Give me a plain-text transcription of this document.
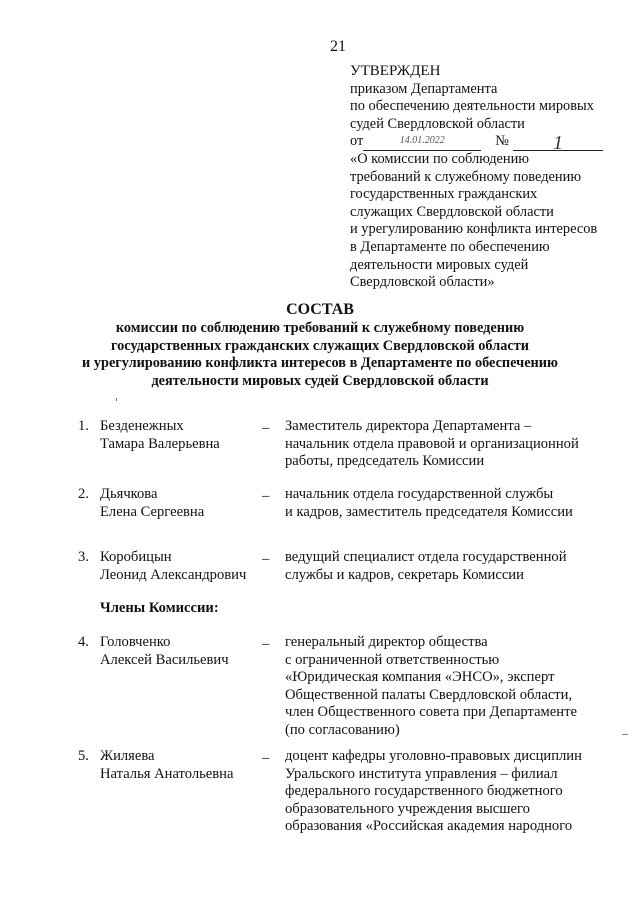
21
УТВЕРЖДЕН
приказом Департамента
по обеспечению деятельности мировых
судей Свердловской области
от	14.01.2022	№	1
«О комиссии по соблюдению
требований к служебному поведению
государственных гражданских
служащих Свердловской области
и урегулированию конфликта интересов
в Департаменте по обеспечению
деятельности мировых судей
Свердловской области»
СОСТАВ
комиссии по соблюдению требований к служебному поведению
государственных гражданских служащих Свердловской области
и урегулированию конфликта интересов в Департаменте по обеспечению
деятельности мировых судей Свердловской области
1. Безденежных
Тамара Валерьевна
– Заместитель директора Департамента –
начальник отдела правовой и организационной
работы, председатель Комиссии
2. Дьячкова
Елена Сергеевна
– начальник отдела государственной службы
и кадров, заместитель председателя Комиссии
3. Коробицын
Леонид Александрович
– ведущий специалист отдела государственной
службы и кадров, секретарь Комиссии
Члены Комиссии:
4. Головченко
Алексей Васильевич
– генеральный директор общества
с ограниченной ответственностью
«Юридическая компания «ЭНСО», эксперт
Общественной палаты Свердловской области,
член Общественного совета при Департаменте
(по согласованию)
5. Жиляева
Наталья Анатольевна
– доцент кафедры уголовно-правовых дисциплин
Уральского института управления – филиал
федерального государственного бюджетного
образовательного учреждения высшего
образования «Российская академия народного
